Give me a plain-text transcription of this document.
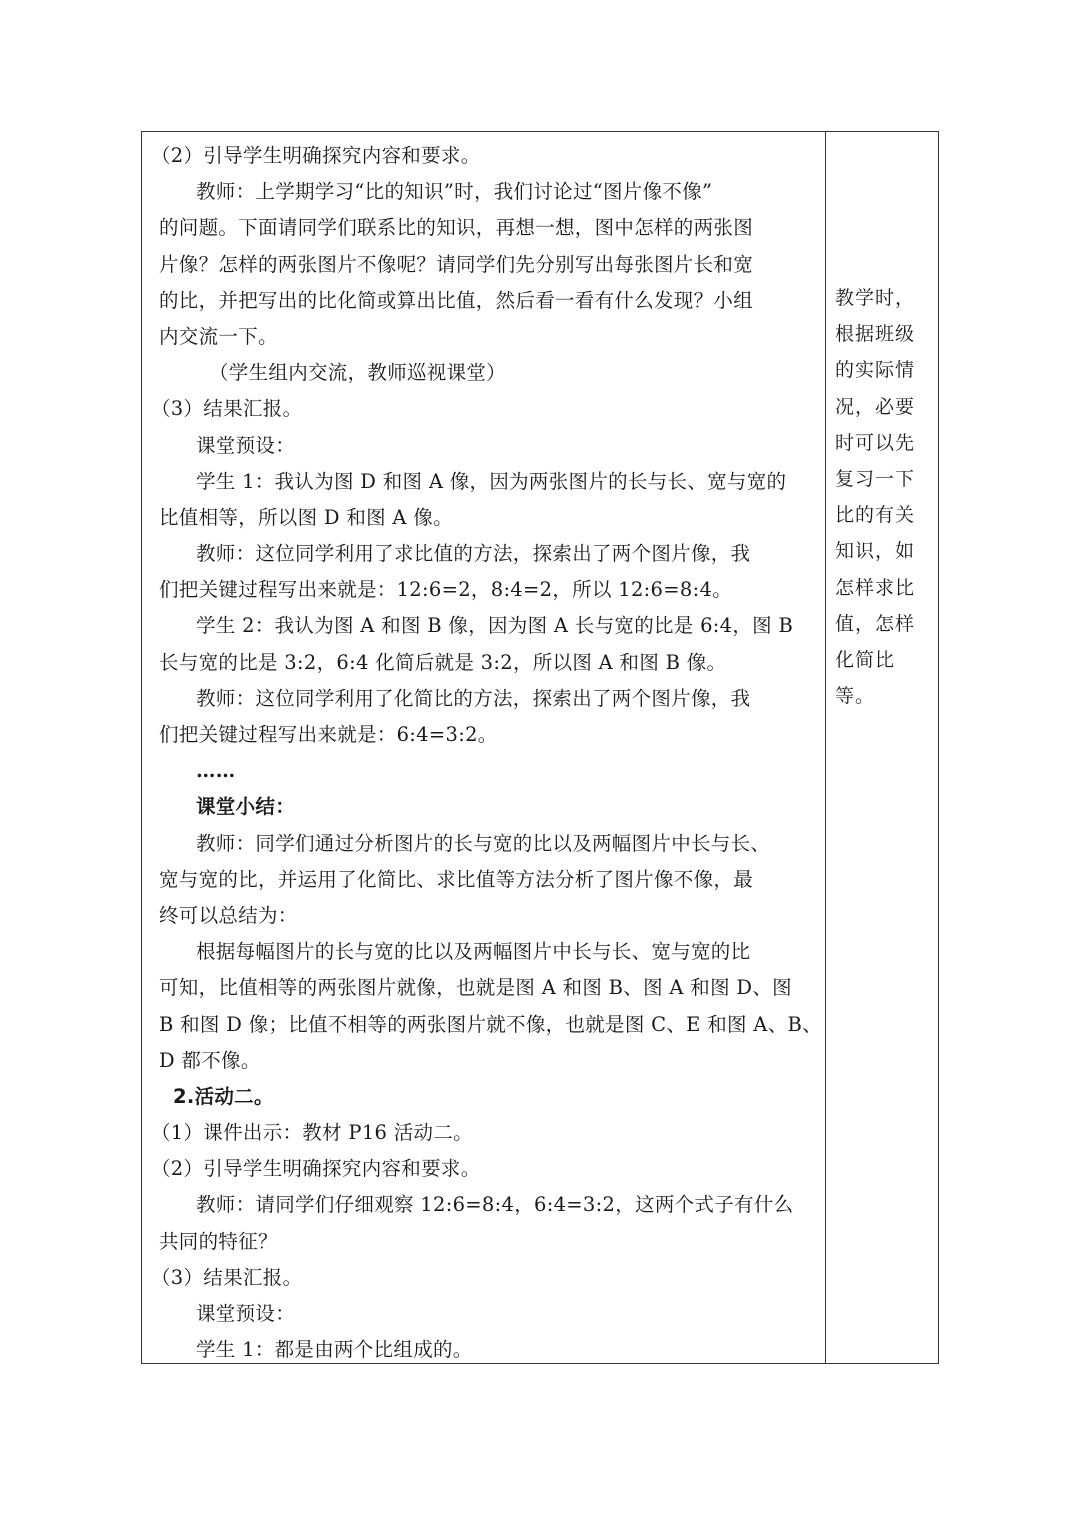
（2）引导学生明确探究内容和要求。
教师：上学期学习“比的知识”时，我们讨论过“图片像不像”
的问题。下面请同学们联系比的知识，再想一想，图中怎样的两张图
片像？怎样的两张图片不像呢？请同学们先分别写出每张图片长和宽
的比，并把写出的比化简或算出比值，然后看一看有什么发现？小组
内交流一下。
（学生组内交流，教师巡视课堂）
（3）结果汇报。
课堂预设：
学生 1：我认为图 D 和图 A 像，因为两张图片的长与长、宽与宽的
比值相等，所以图 D 和图 A 像。
教师：这位同学利用了求比值的方法，探索出了两个图片像，我
们把关键过程写出来就是：12:6=2，8:4=2，所以 12:6=8:4。
学生 2：我认为图 A 和图 B 像，因为图 A 长与宽的比是 6:4，图 B
长与宽的比是 3:2，6:4 化简后就是 3:2，所以图 A 和图 B 像。
教师：这位同学利用了化简比的方法，探索出了两个图片像，我
们把关键过程写出来就是：6:4=3:2。
……
课堂小结：
教师：同学们通过分析图片的长与宽的比以及两幅图片中长与长、
宽与宽的比，并运用了化简比、求比值等方法分析了图片像不像，最
终可以总结为：
根据每幅图片的长与宽的比以及两幅图片中长与长、宽与宽的比
可知，比值相等的两张图片就像，也就是图 A 和图 B、图 A 和图 D、图
B 和图 D 像；比值不相等的两张图片就不像，也就是图 C、E 和图 A、B、
D 都不像。
2.活动二。
（1）课件出示：教材 P16 活动二。
（2）引导学生明确探究内容和要求。
教师：请同学们仔细观察 12:6=8:4，6:4=3:2，这两个式子有什么
共同的特征？
（3）结果汇报。
课堂预设：
学生 1：都是由两个比组成的。
教学时，
根据班级
的实际情
况，必要
时可以先
复习一下
比的有关
知识，如
怎样求比
值，怎样
化简比
等。
